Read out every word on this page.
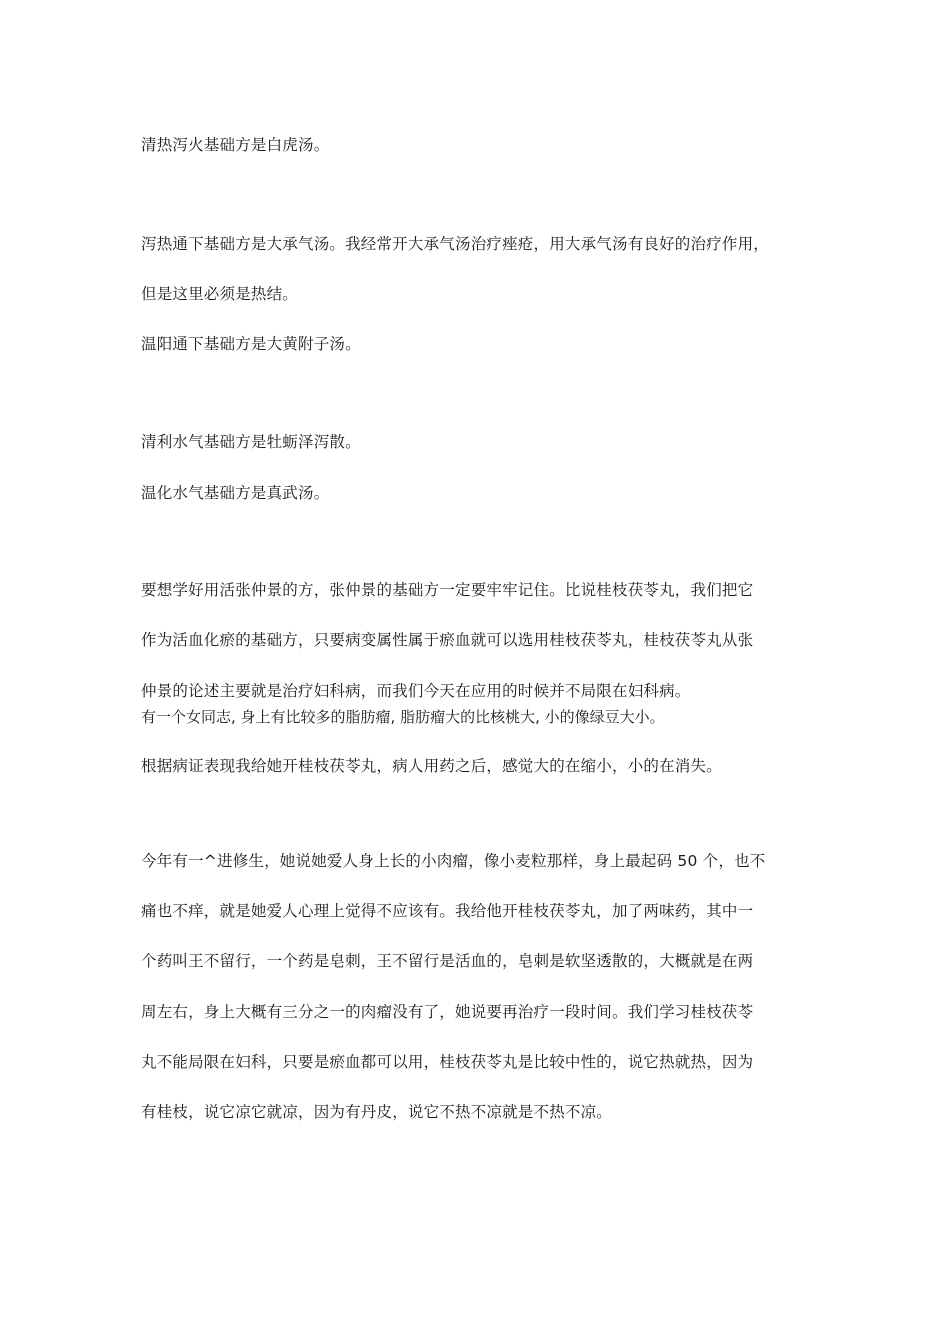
清热泻火基础方是白虎汤。
泻热通下基础方是大承气汤。我经常开大承气汤治疗痤疮，用大承气汤有良好的治疗作用，
但是这里必须是热结。
温阳通下基础方是大黄附子汤。
清利水气基础方是牡蛎泽泻散。
温化水气基础方是真武汤。
要想学好用活张仲景的方，张仲景的基础方一定要牢牢记住。比说桂枝茯苓丸，我们把它
作为活血化瘀的基础方，只要病变属性属于瘀血就可以选用桂枝茯苓丸，桂枝茯苓丸从张
仲景的论述主要就是治疗妇科病，而我们今天在应用的时候并不局限在妇科病。
有一个女同志, 身上有比较多的脂肪瘤, 脂肪瘤大的比核桃大, 小的像绿豆大小。
根据病证表现我给她开桂枝茯苓丸，病人用药之后，感觉大的在缩小，小的在消失。
今年有一^进修生，她说她爱人身上长的小肉瘤，像小麦粒那样，身上最起码 50 个，也不
痛也不痒，就是她爱人心理上觉得不应该有。我给他开桂枝茯苓丸，加了两味药，其中一
个药叫王不留行，一个药是皂刺，王不留行是活血的，皂刺是软坚透散的，大概就是在两
周左右，身上大概有三分之一的肉瘤没有了，她说要再治疗一段时间。我们学习桂枝茯苓
丸不能局限在妇科，只要是瘀血都可以用，桂枝茯苓丸是比较中性的，说它热就热，因为
有桂枝，说它凉它就凉，因为有丹皮，说它不热不凉就是不热不凉。
